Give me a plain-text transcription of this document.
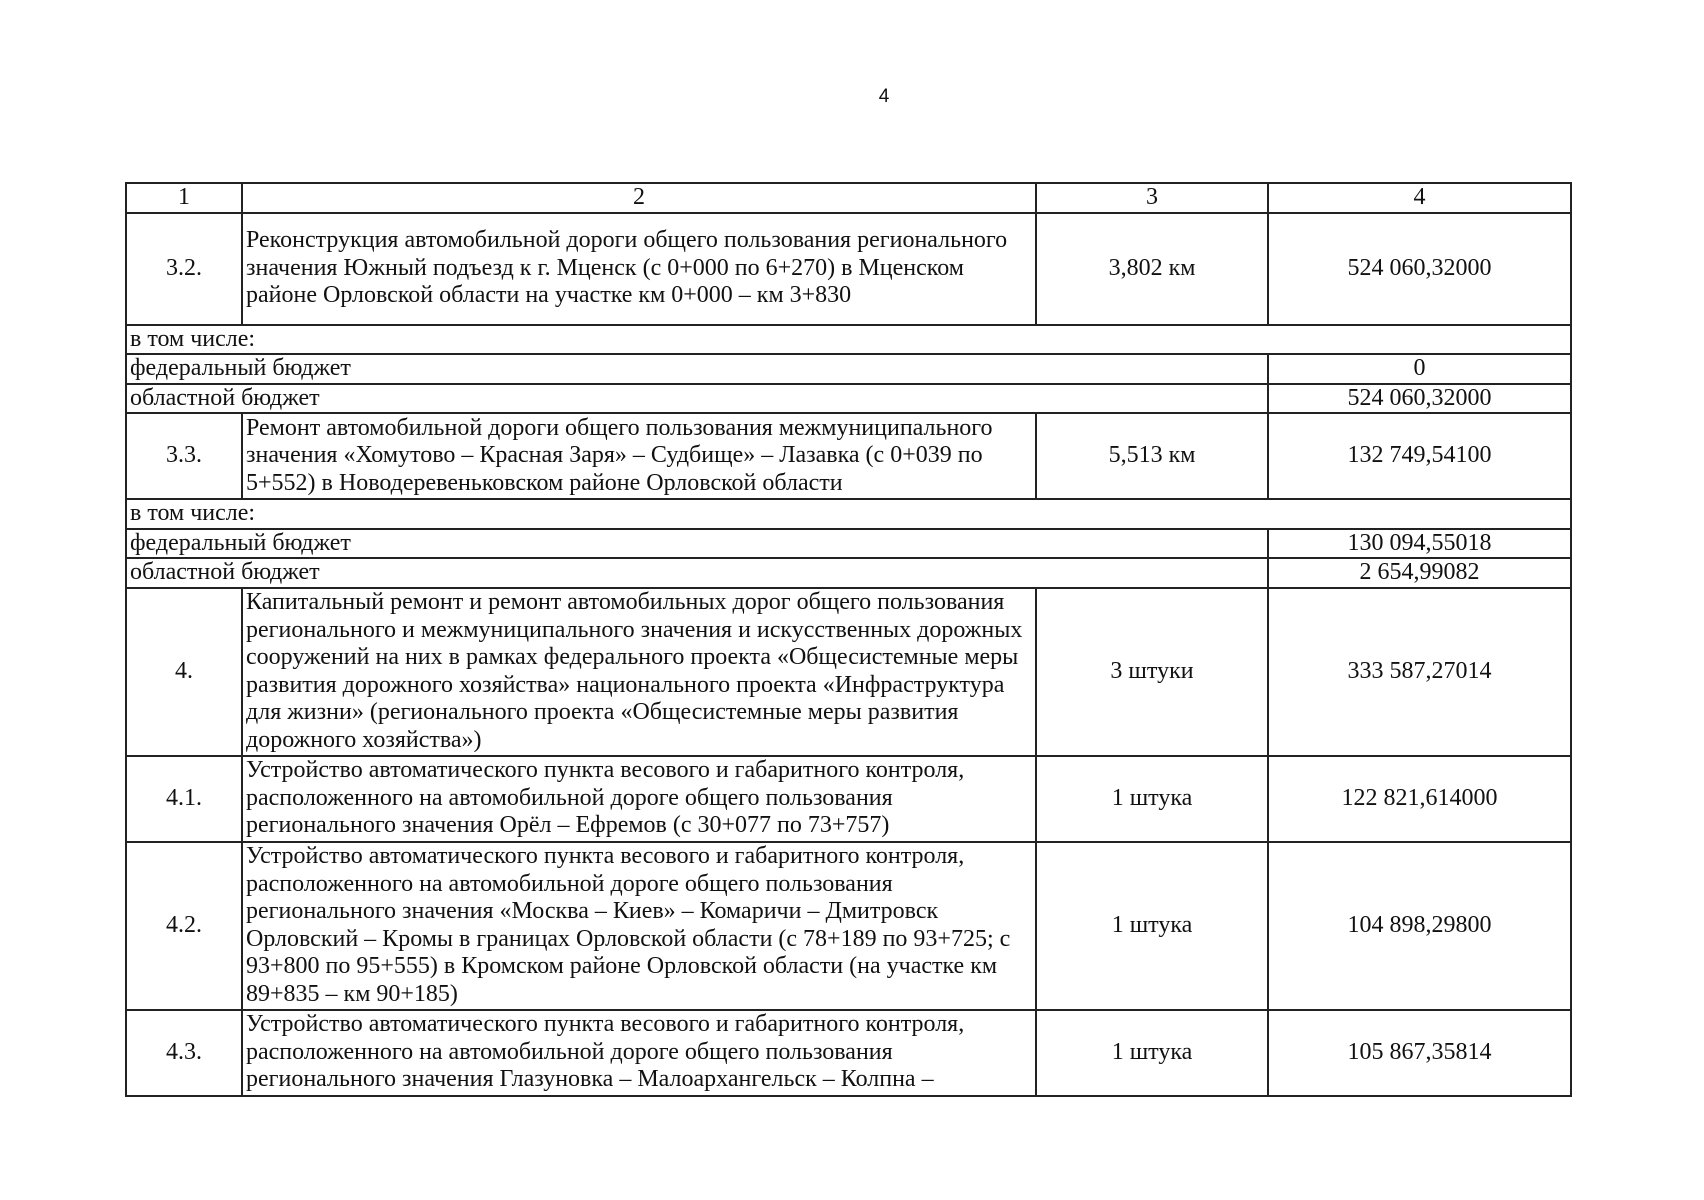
4
1	2	3	4
3.2.	Реконструкция автомобильной дороги общего пользования регионального значения Южный подъезд к г. Мценск (с 0+000 по 6+270) в Мценском районе Орловской области на участке км 0+000 – км 3+830	3,802 км	524 060,32000
в том числе:			
федеральный бюджет			0
областной бюджет			524 060,32000
3.3.	Ремонт автомобильной дороги общего пользования межмуниципального значения «Хомутово – Красная Заря» – Судбище» – Лазавка (с 0+039 по 5+552) в Новодеревеньковском районе Орловской области	5,513 км	132 749,54100
в том числе:			
федеральный бюджет			130 094,55018
областной бюджет			2 654,99082
4.	Капитальный ремонт и ремонт автомобильных дорог общего пользования регионального и межмуниципального значения и искусственных дорожных сооружений на них в рамках федерального проекта «Общесистемные меры развития дорожного хозяйства» национального проекта «Инфраструктура для жизни» (регионального проекта «Общесистемные меры развития дорожного хозяйства»)	3 штуки	333 587,27014
4.1.	Устройство автоматического пункта весового и габаритного контроля, расположенного на автомобильной дороге общего пользования регионального значения Орёл – Ефремов (с 30+077 по 73+757)	1 штука	122 821,614000
4.2.	Устройство автоматического пункта весового и габаритного контроля, расположенного на автомобильной дороге общего пользования регионального значения «Москва – Киев» – Комаричи – Дмитровск Орловский – Кромы в границах Орловской области (с 78+189 по 93+725; с 93+800 по 95+555) в Кромском районе Орловской области (на участке км 89+835 – км 90+185)	1 штука	104 898,29800
4.3.	Устройство автоматического пункта весового и габаритного контроля, расположенного на автомобильной дороге общего пользования регионального значения Глазуновка – Малоархангельск – Колпна –	1 штука	105 867,35814
